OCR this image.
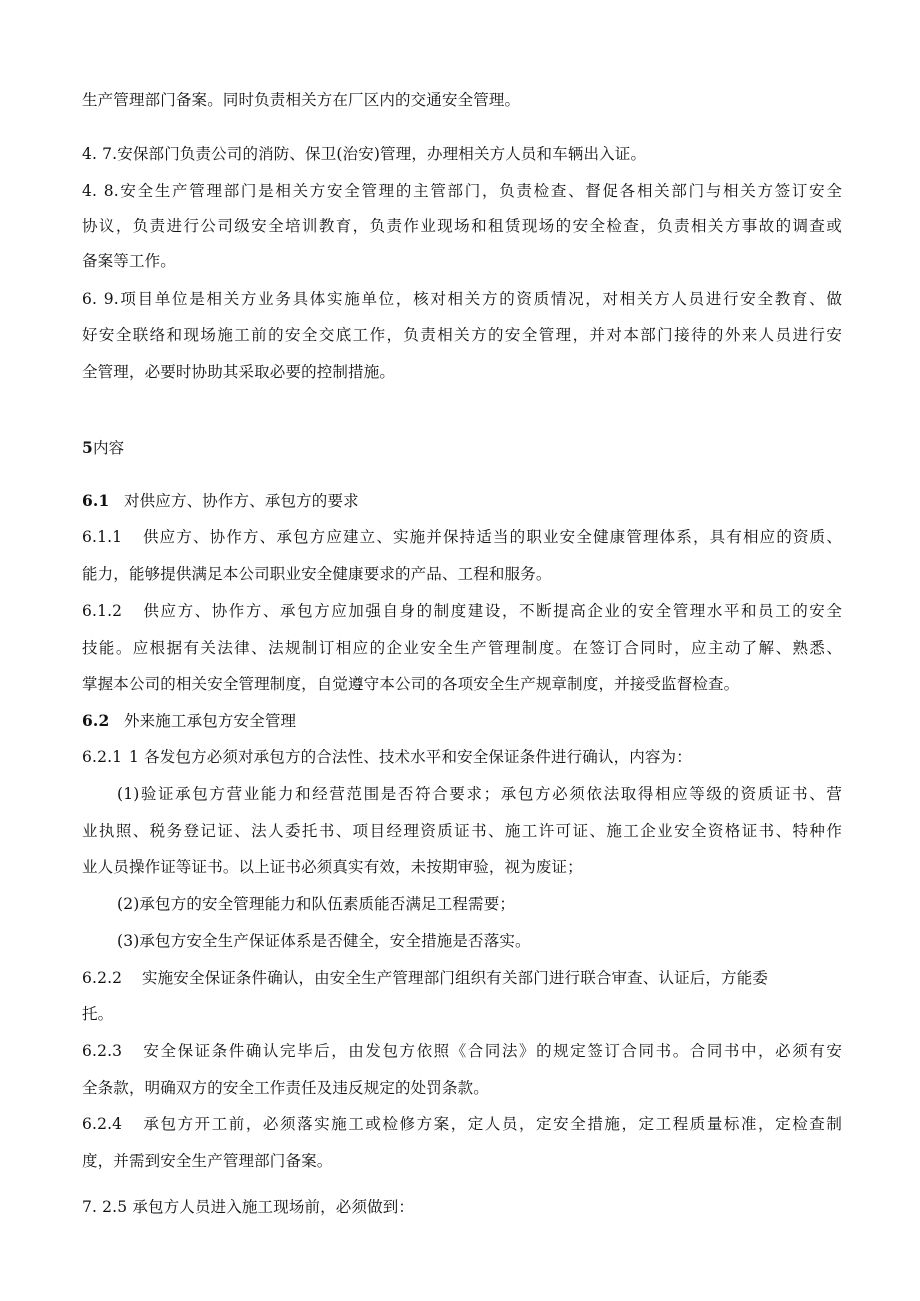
生产管理部门备案。同时负责相关方在厂区内的交通安全管理。
4. 7.安保部门负责公司的消防、保卫(治安)管理，办理相关方人员和车辆出入证。
4. 8.安全生产管理部门是相关方安全管理的主管部门，负责检查、督促各相关部门与相关方签订安全
协议，负责进行公司级安全培训教育，负责作业现场和租赁现场的安全检查，负责相关方事故的调查或
备案等工作。
6. 9.项目单位是相关方业务具体实施单位，核对相关方的资质情况，对相关方人员进行安全教育、做
好安全联络和现场施工前的安全交底工作，负责相关方的安全管理，并对本部门接待的外来人员进行安
全管理，必要时协助其采取必要的控制措施。
5内容
6.1 对供应方、协作方、承包方的要求
6.1.1 供应方、协作方、承包方应建立、实施并保持适当的职业安全健康管理体系，具有相应的资质、
能力，能够提供满足本公司职业安全健康要求的产品、工程和服务。
6.1.2 供应方、协作方、承包方应加强自身的制度建设，不断提高企业的安全管理水平和员工的安全
技能。应根据有关法律、法规制订相应的企业安全生产管理制度。在签订合同时，应主动了解、熟悉、
掌握本公司的相关安全管理制度，自觉遵守本公司的各项安全生产规章制度，并接受监督检查。
6.2 外来施工承包方安全管理
6.2.1 1 各发包方必须对承包方的合法性、技术水平和安全保证条件进行确认，内容为：
(1)验证承包方营业能力和经营范围是否符合要求；承包方必须依法取得相应等级的资质证书、营
业执照、税务登记证、法人委托书、项目经理资质证书、施工许可证、施工企业安全资格证书、特种作
业人员操作证等证书。以上证书必须真实有效，未按期审验，视为废证；
(2)承包方的安全管理能力和队伍素质能否满足工程需要；
(3)承包方安全生产保证体系是否健全，安全措施是否落实。
6.2.2 实施安全保证条件确认，由安全生产管理部门组织有关部门进行联合审查、认证后，方能委
托。
6.2.3 安全保证条件确认完毕后，由发包方依照《合同法》的规定签订合同书。合同书中，必须有安
全条款，明确双方的安全工作责任及违反规定的处罚条款。
6.2.4 承包方开工前，必须落实施工或检修方案，定人员，定安全措施，定工程质量标准，定检查制
度，并需到安全生产管理部门备案。
7. 2.5 承包方人员进入施工现场前，必须做到：
